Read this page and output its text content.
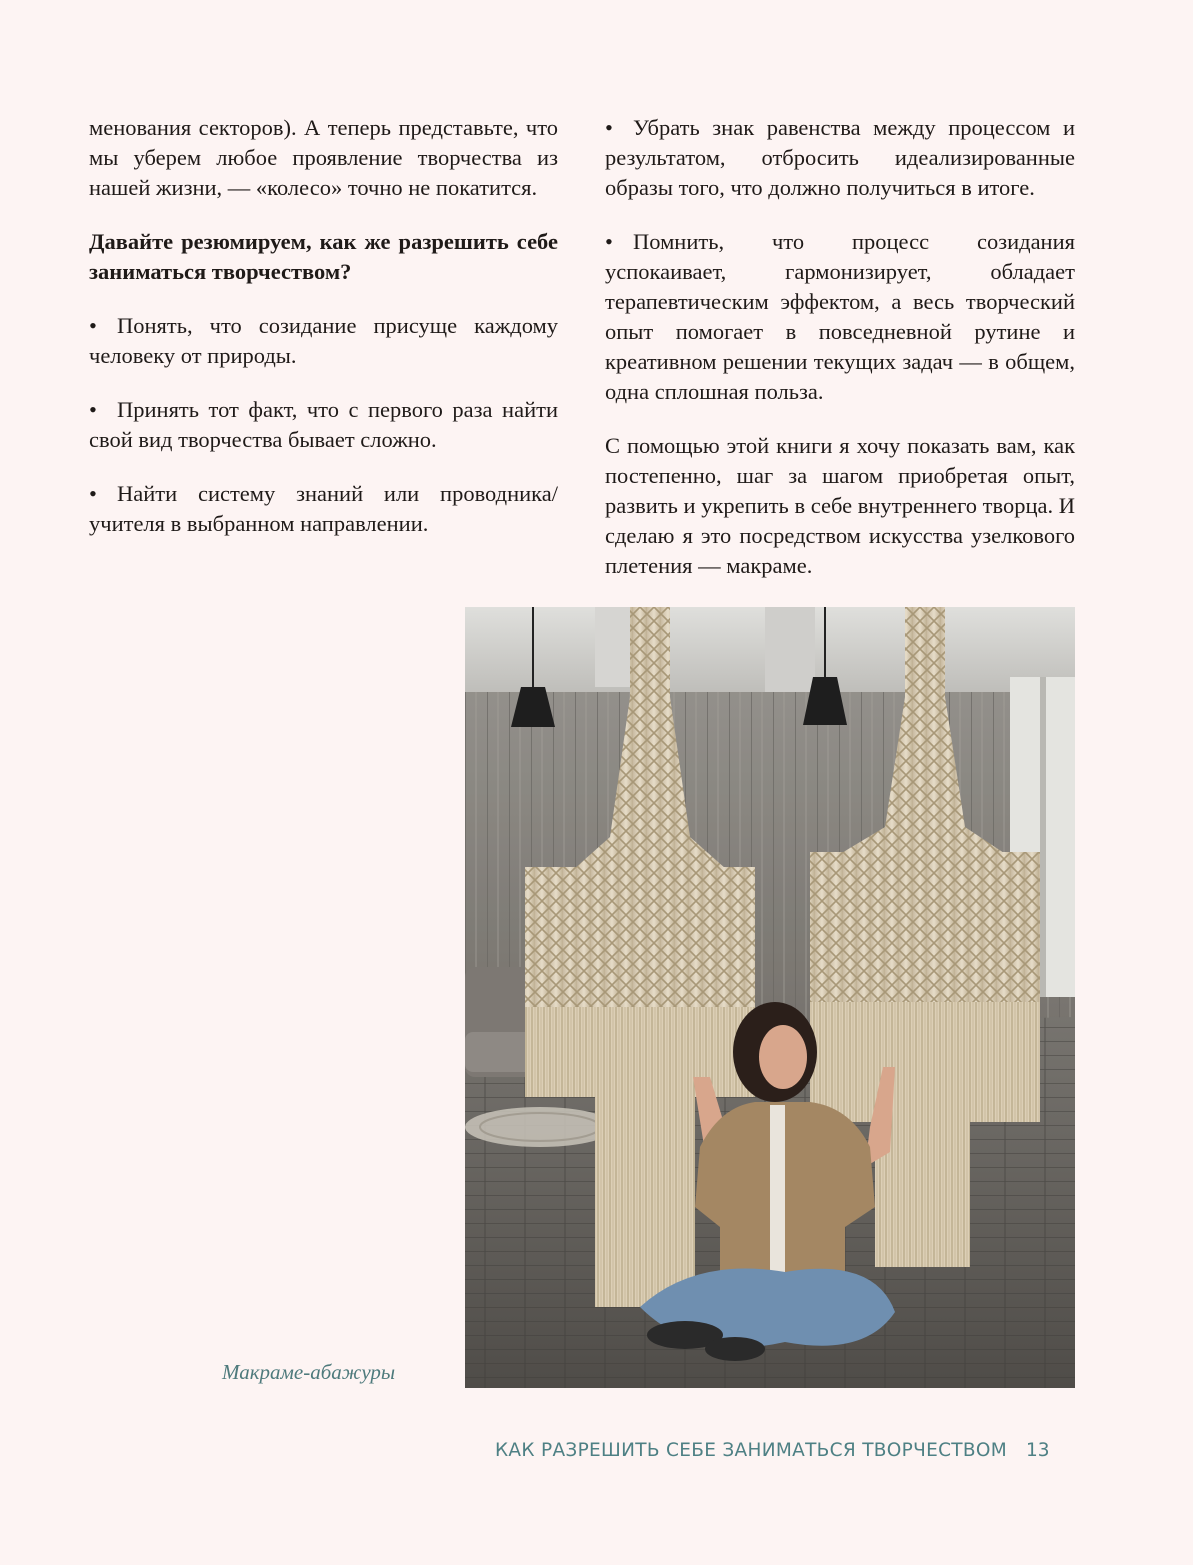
менования секторов). А теперь представьте, что мы уберем любое проявление творчества из нашей жизни, — «колесо» точно не покатится.

Давайте резюмируем, как же разрешить себе заниматься творчеством?

• Понять, что созидание присуще каждому человеку от природы.
• Принять тот факт, что с первого раза найти свой вид творчества бывает сложно.
• Найти систему знаний или проводника/учителя в выбранном направлении.
• Убрать знак равенства между процессом и результатом, отбросить идеализированные образы того, что должно получиться в итоге.
• Помнить, что процесс созидания успокаивает, гармонизирует, обладает терапевтическим эффектом, а весь творческий опыт помогает в повседневной рутине и креативном решении текущих задач — в общем, одна сплошная польза.

С помощью этой книги я хочу показать вам, как постепенно, шаг за шагом приобретая опыт, развить и укрепить в себе внутреннего творца. И сделаю я это посредством искусства узелкового плетения — макраме.

Макраме-абажуры
КАК РАЗРЕШИТЬ СЕБЕ ЗАНИМАТЬСЯ ТВОРЧЕСТВОМ 13
